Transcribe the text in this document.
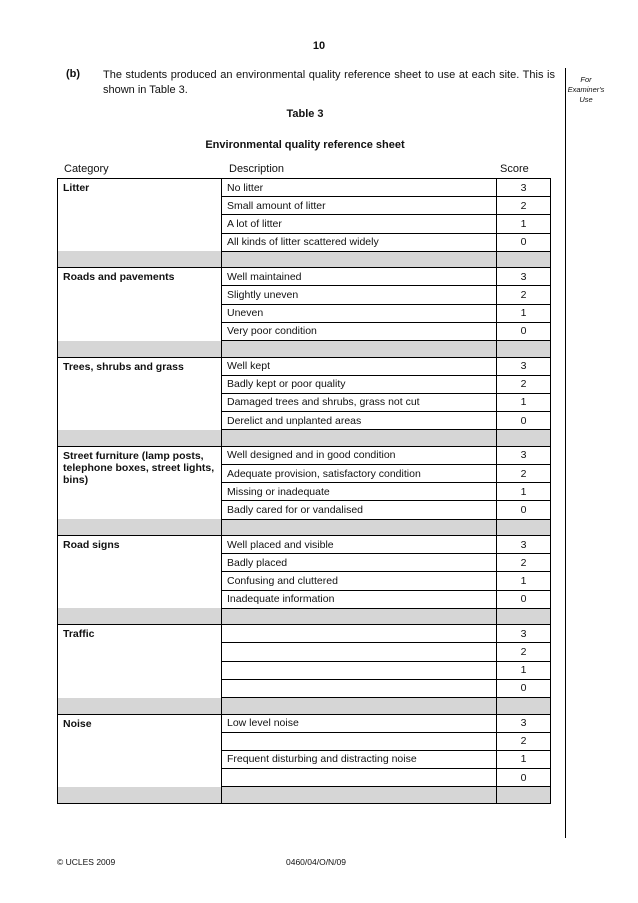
10
(b) The students produced an environmental quality reference sheet to use at each site. This is shown in Table 3.
For Examiner's Use
Table 3
Environmental quality reference sheet
Category	Description	Score
Litter	No litter	3
	Small amount of litter	2
	A lot of litter	1
	All kinds of litter scattered widely	0

Roads and pavements	Well maintained	3
	Slightly uneven	2
	Uneven	1
	Very poor condition	0

Trees, shrubs and grass	Well kept	3
	Badly kept or poor quality	2
	Damaged trees and shrubs, grass not cut	1
	Derelict and unplanted areas	0

Street furniture (lamp posts, telephone boxes, street lights, bins)	Well designed and in good condition	3
	Adequate provision, satisfactory condition	2
	Missing or inadequate	1
	Badly cared for or vandalised	0

Road signs	Well placed and visible	3
	Badly placed	2
	Confusing and cluttered	1
	Inadequate information	0

Traffic		3
		2
		1
		0

Noise	Low level noise	3
		2
	Frequent disturbing and distracting noise	1
		0

© UCLES 2009	0460/04/O/N/09
